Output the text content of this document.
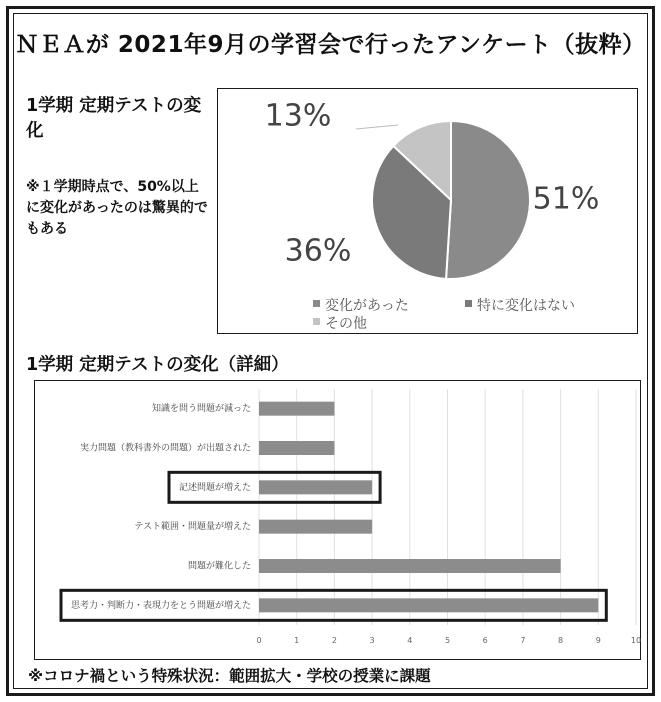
ＮＥＡが 2021年9月の学習会で行ったアンケート（抜粋）
1学期 定期テストの変化
※１学期時点で、50%以上に変化があったのは驚異的でもある
51%
36%
13%
変化があった	特に変化はない
その他
1学期 定期テストの変化（詳細）
0	1	2	3	4	5	6	7	8	9	10
知識を問う問題が減った
実力問題（教科書外の問題）が出題された
記述問題が増えた
テスト範囲・問題量が増えた
問題が難化した
思考力・判断力・表現力をとう問題が増えた
※コロナ禍という特殊状況：範囲拡大・学校の授業に課題
